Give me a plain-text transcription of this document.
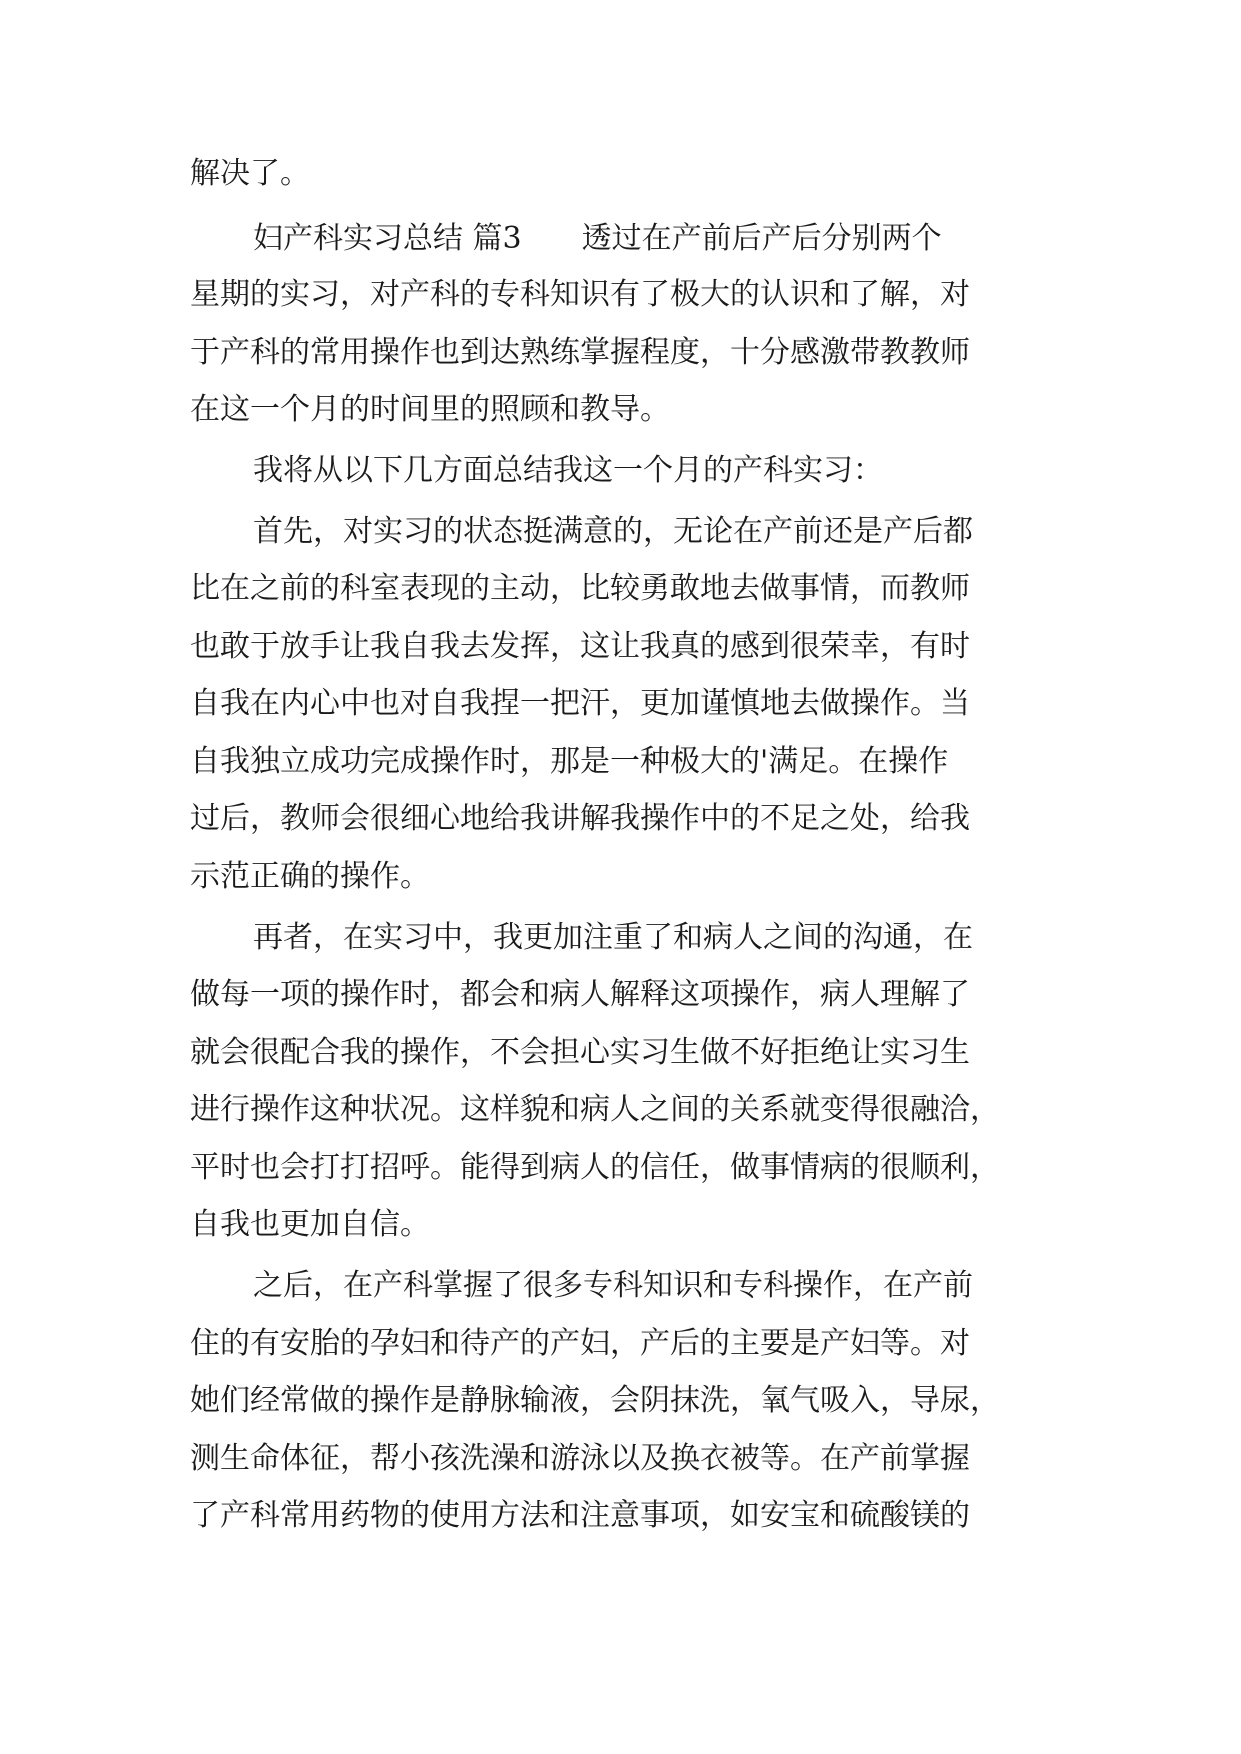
解决了。

妇产科实习总结 篇3　　透过在产前后产后分别两个

星期的实习，对产科的专科知识有了极大的认识和了解，对

于产科的常用操作也到达熟练掌握程度，十分感激带教教师

在这一个月的时间里的照顾和教导。

我将从以下几方面总结我这一个月的产科实习：

首先，对实习的状态挺满意的，无论在产前还是产后都

比在之前的科室表现的主动，比较勇敢地去做事情，而教师

也敢于放手让我自我去发挥，这让我真的感到很荣幸，有时

自我在内心中也对自我捏一把汗，更加谨慎地去做操作。当

自我独立成功完成操作时，那是一种极大的'满足。在操作

过后，教师会很细心地给我讲解我操作中的不足之处，给我

示范正确的操作。

再者，在实习中，我更加注重了和病人之间的沟通，在

做每一项的操作时，都会和病人解释这项操作，病人理解了

就会很配合我的操作，不会担心实习生做不好拒绝让实习生

进行操作这种状况。这样貌和病人之间的关系就变得很融洽，

平时也会打打招呼。能得到病人的信任，做事情病的很顺利，

自我也更加自信。

之后，在产科掌握了很多专科知识和专科操作，在产前

住的有安胎的孕妇和待产的产妇，产后的主要是产妇等。对

她们经常做的操作是静脉输液，会阴抹洗，氧气吸入，导尿，

测生命体征，帮小孩洗澡和游泳以及换衣被等。在产前掌握

了产科常用药物的使用方法和注意事项，如安宝和硫酸镁的
